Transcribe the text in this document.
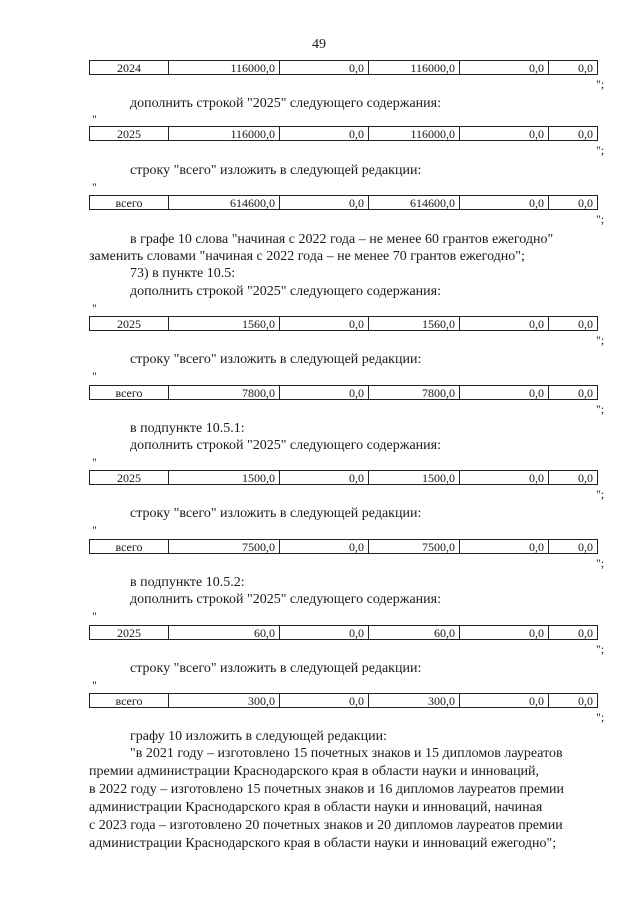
49
2024	116000,0	0,0	116000,0	0,0	0,0
";
дополнить строкой "2025" следующего содержания:
"
2025	116000,0	0,0	116000,0	0,0	0,0
";
строку "всего" изложить в следующей редакции:
"
всего	614600,0	0,0	614600,0	0,0	0,0
";
в графе 10 слова "начиная с 2022 года – не менее 60 грантов ежегодно"
заменить словами "начиная с 2022 года – не менее 70 грантов ежегодно";
73) в пункте 10.5:
дополнить строкой "2025" следующего содержания:
"
2025	1560,0	0,0	1560,0	0,0	0,0
";
строку "всего" изложить в следующей редакции:
"
всего	7800,0	0,0	7800,0	0,0	0,0
";
в подпункте 10.5.1:
дополнить строкой "2025" следующего содержания:
"
2025	1500,0	0,0	1500,0	0,0	0,0
";
строку "всего" изложить в следующей редакции:
"
всего	7500,0	0,0	7500,0	0,0	0,0
";
в подпункте 10.5.2:
дополнить строкой "2025" следующего содержания:
"
2025	60,0	0,0	60,0	0,0	0,0
";
строку "всего" изложить в следующей редакции:
"
всего	300,0	0,0	300,0	0,0	0,0
";
графу 10 изложить в следующей редакции:
"в 2021 году – изготовлено 15 почетных знаков и 15 дипломов лауреатов
премии администрации Краснодарского края в области науки и инноваций,
в 2022 году – изготовлено 15 почетных знаков и 16 дипломов лауреатов премии
администрации Краснодарского края в области науки и инноваций, начиная
с 2023 года – изготовлено 20 почетных знаков и 20 дипломов лауреатов премии
администрации Краснодарского края в области науки и инноваций ежегодно";
